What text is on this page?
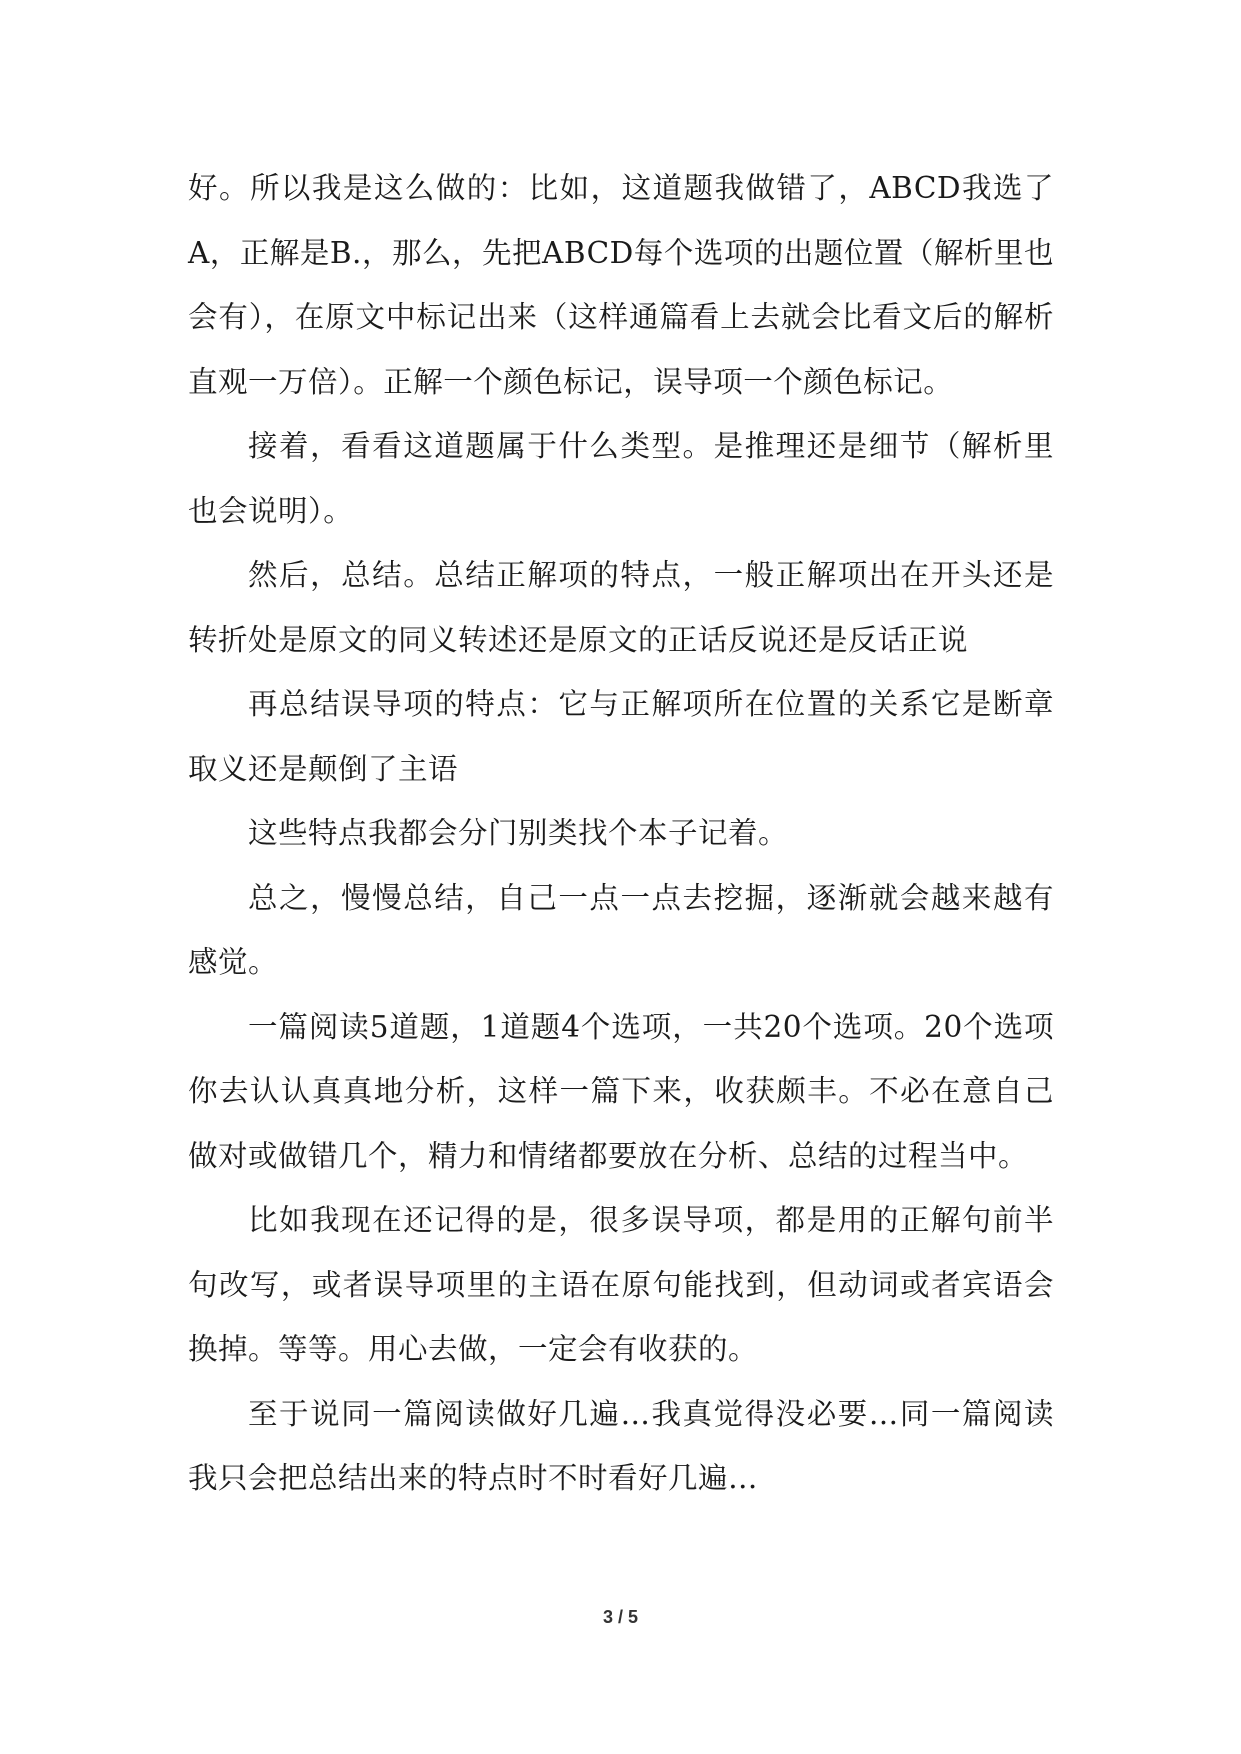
好。所以我是这么做的：比如，这道题我做错了，ABCD我选了A，正解是B.，那么，先把ABCD每个选项的出题位置（解析里也会有），在原文中标记出来（这样通篇看上去就会比看文后的解析直观一万倍）。正解一个颜色标记，误导项一个颜色标记。

接着，看看这道题属于什么类型。是推理还是细节（解析里也会说明）。

然后，总结。总结正解项的特点，一般正解项出在开头还是转折处是原文的同义转述还是原文的正话反说还是反话正说

再总结误导项的特点：它与正解项所在位置的关系它是断章取义还是颠倒了主语

这些特点我都会分门别类找个本子记着。

总之，慢慢总结，自己一点一点去挖掘，逐渐就会越来越有感觉。

一篇阅读5道题，1道题4个选项，一共20个选项。20个选项你去认认真真地分析，这样一篇下来，收获颇丰。不必在意自己做对或做错几个，精力和情绪都要放在分析、总结的过程当中。

比如我现在还记得的是，很多误导项，都是用的正解句前半句改写，或者误导项里的主语在原句能找到，但动词或者宾语会换掉。等等。用心去做，一定会有收获的。

至于说同一篇阅读做好几遍…我真觉得没必要…同一篇阅读我只会把总结出来的特点时不时看好几遍…

3 / 5
